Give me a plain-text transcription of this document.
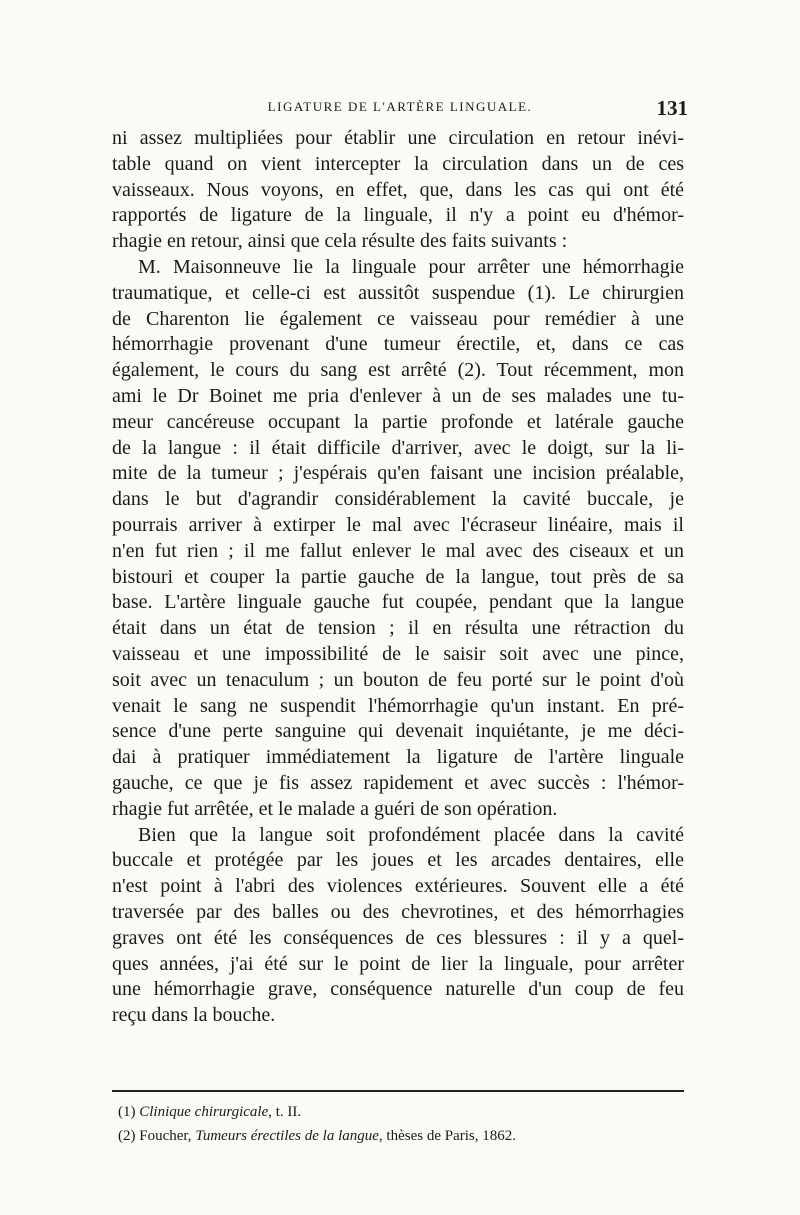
LIGATURE DE L'ARTÈRE LINGUALE.	131
ni assez multipliées pour établir une circulation en retour inévi-
table quand on vient intercepter la circulation dans un de ces
vaisseaux. Nous voyons, en effet, que, dans les cas qui ont été
rapportés de ligature de la linguale, il n'y a point eu d'hémor-
rhagie en retour, ainsi que cela résulte des faits suivants :
M. Maisonneuve lie la linguale pour arrêter une hémorrhagie
traumatique, et celle-ci est aussitôt suspendue (1). Le chirurgien
de Charenton lie également ce vaisseau pour remédier à une
hémorrhagie provenant d'une tumeur érectile, et, dans ce cas
également, le cours du sang est arrêté (2). Tout récemment, mon
ami le Dr Boinet me pria d'enlever à un de ses malades une tu-
meur cancéreuse occupant la partie profonde et latérale gauche
de la langue : il était difficile d'arriver, avec le doigt, sur la li-
mite de la tumeur ; j'espérais qu'en faisant une incision préalable,
dans le but d'agrandir considérablement la cavité buccale, je
pourrais arriver à extirper le mal avec l'écraseur linéaire, mais il
n'en fut rien ; il me fallut enlever le mal avec des ciseaux et un
bistouri et couper la partie gauche de la langue, tout près de sa
base. L'artère linguale gauche fut coupée, pendant que la langue
était dans un état de tension ; il en résulta une rétraction du
vaisseau et une impossibilité de le saisir soit avec une pince,
soit avec un tenaculum ; un bouton de feu porté sur le point d'où
venait le sang ne suspendit l'hémorrhagie qu'un instant. En pré-
sence d'une perte sanguine qui devenait inquiétante, je me déci-
dai à pratiquer immédiatement la ligature de l'artère linguale
gauche, ce que je fis assez rapidement et avec succès : l'hémor-
rhagie fut arrêtée, et le malade a guéri de son opération.
Bien que la langue soit profondément placée dans la cavité
buccale et protégée par les joues et les arcades dentaires, elle
n'est point à l'abri des violences extérieures. Souvent elle a été
traversée par des balles ou des chevrotines, et des hémorrhagies
graves ont été les conséquences de ces blessures : il y a quel-
ques années, j'ai été sur le point de lier la linguale, pour arrêter
une hémorrhagie grave, conséquence naturelle d'un coup de feu
reçu dans la bouche.
(1) Clinique chirurgicale, t. II.
(2) Foucher, Tumeurs érectiles de la langue, thèses de Paris, 1862.
